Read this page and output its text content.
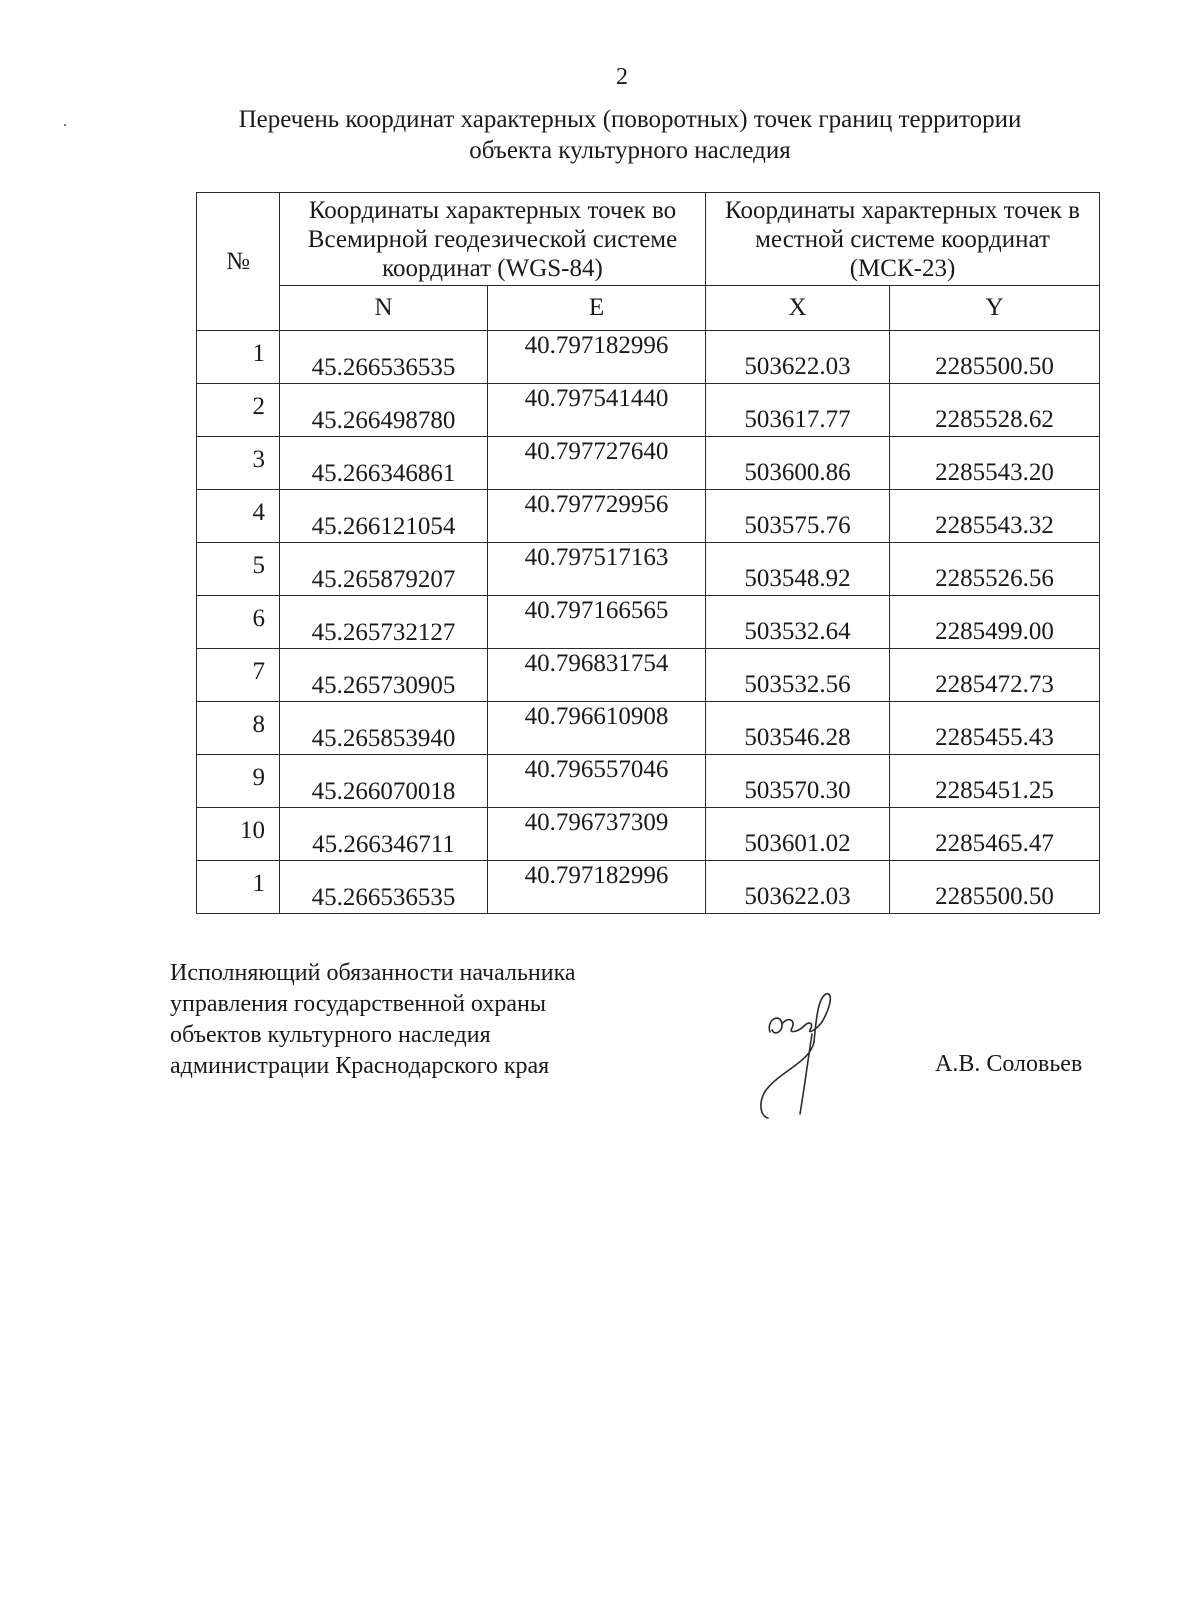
2
Перечень координат характерных (поворотных) точек границ территории
объекта культурного наследия
№	Координаты характерных точек во Всемирной геодезической системе координат (WGS-84)		Координаты характерных точек в местной системе координат (МСК-23)	
	N	E	X	Y
1	45.266536535	40.797182996	503622.03	2285500.50
2	45.266498780	40.797541440	503617.77	2285528.62
3	45.266346861	40.797727640	503600.86	2285543.20
4	45.266121054	40.797729956	503575.76	2285543.32
5	45.265879207	40.797517163	503548.92	2285526.56
6	45.265732127	40.797166565	503532.64	2285499.00
7	45.265730905	40.796831754	503532.56	2285472.73
8	45.265853940	40.796610908	503546.28	2285455.43
9	45.266070018	40.796557046	503570.30	2285451.25
10	45.266346711	40.796737309	503601.02	2285465.47
1	45.266536535	40.797182996	503622.03	2285500.50
Исполняющий обязанности начальника
управления государственной охраны
объектов культурного наследия
администрации Краснодарского края	А.В. Соловьев
